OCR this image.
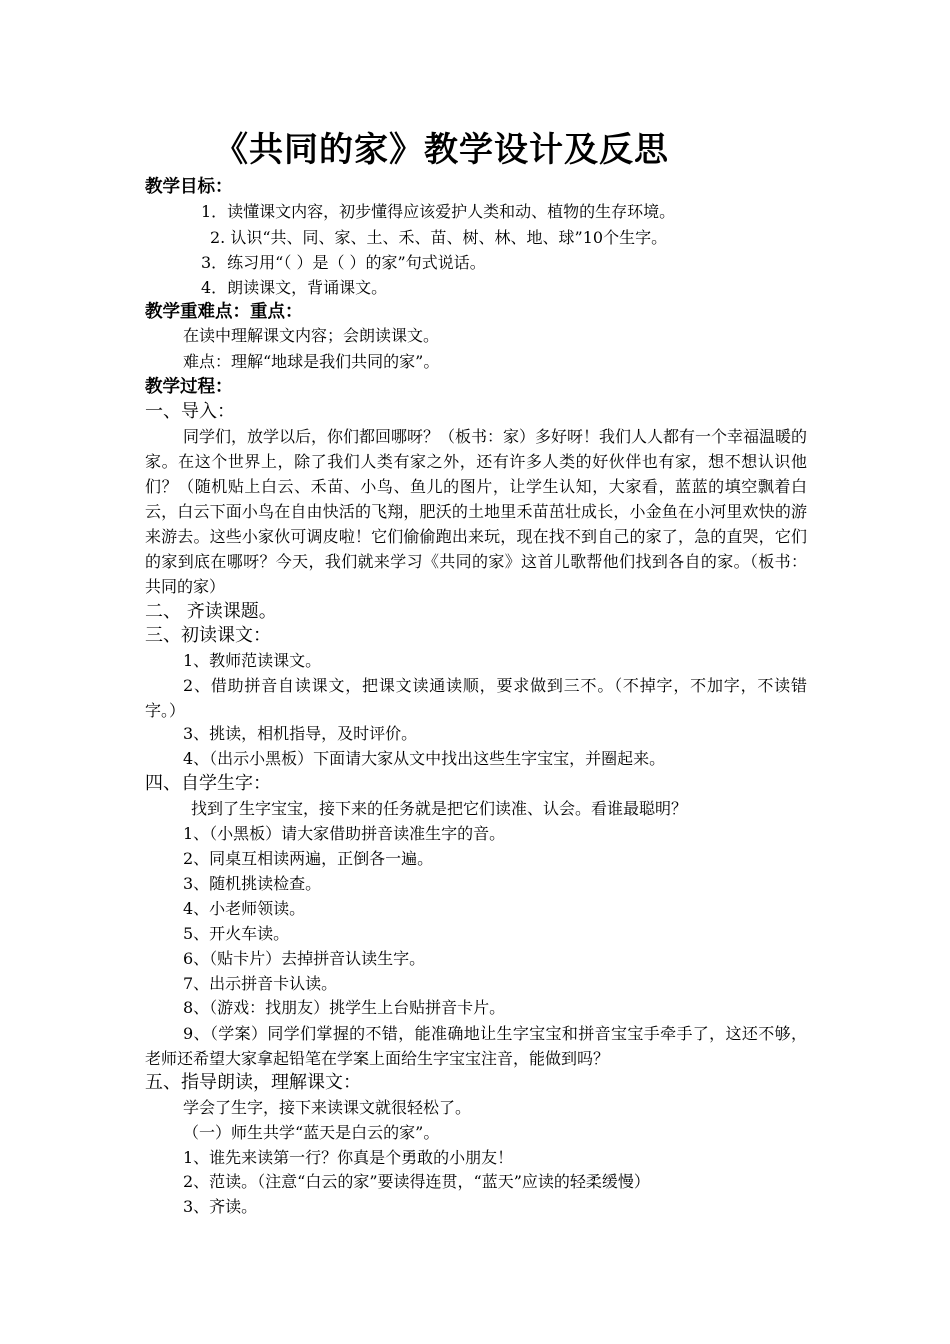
《共同的家》教学设计及反思
教学目标：
1．读懂课文内容，初步懂得应该爱护人类和动、植物的生存环境。
2. 认识“共、同、家、土、禾、苗、树、林、地、球”10个生字。
3．练习用“（ ）是（ ）的家”句式说话。
4．朗读课文，背诵课文。
教学重难点：重点：
在读中理解课文内容；会朗读课文。
难点：理解“地球是我们共同的家”。
教学过程：
一、导入：
同学们，放学以后，你们都回哪呀？（板书：家）多好呀！我们人人都有一个幸福温暖的家。在这个世界上，除了我们人类有家之外，还有许多人类的好伙伴也有家，想不想认识他们？（随机贴上白云、禾苗、小鸟、鱼儿的图片，让学生认知，大家看，蓝蓝的填空飘着白云，白云下面小鸟在自由快活的飞翔，肥沃的土地里禾苗茁壮成长，小金鱼在小河里欢快的游来游去。这些小家伙可调皮啦！它们偷偷跑出来玩，现在找不到自己的家了，急的直哭，它们的家到底在哪呀？今天，我们就来学习《共同的家》这首儿歌帮他们找到各自的家。（板书：共同的家）
二、 齐读课题。
三、初读课文：
1、教师范读课文。
2、借助拼音自读课文，把课文读通读顺，要求做到三不。（不掉字，不加字，不读错字。）
3、挑读，相机指导，及时评价。
4、（出示小黑板）下面请大家从文中找出这些生字宝宝，并圈起来。
四、自学生字：
找到了生字宝宝，接下来的任务就是把它们读准、认会。看谁最聪明？
1、（小黑板）请大家借助拼音读准生字的音。
2、同桌互相读两遍，正倒各一遍。
3、随机挑读检查。
4、小老师领读。
5、开火车读。
6、（贴卡片）去掉拼音认读生字。
7、出示拼音卡认读。
8、（游戏：找朋友）挑学生上台贴拼音卡片。
9、（学案）同学们掌握的不错，能准确地让生字宝宝和拼音宝宝手牵手了，这还不够，老师还希望大家拿起铅笔在学案上面给生字宝宝注音，能做到吗？
五、指导朗读，理解课文：
学会了生字，接下来读课文就很轻松了。
（一）师生共学“蓝天是白云的家”。
1、谁先来读第一行？你真是个勇敢的小朋友！
2、范读。（注意“白云的家”要读得连贯，“蓝天”应读的轻柔缓慢）
3、齐读。
